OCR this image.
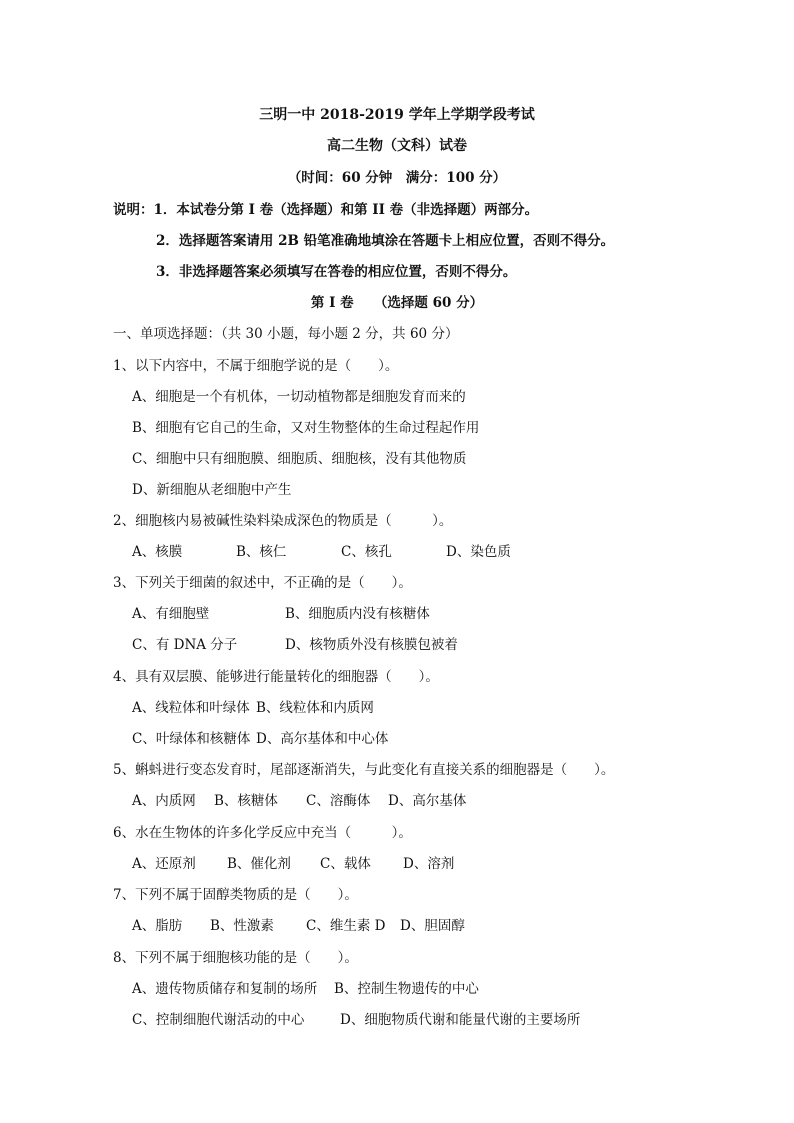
三明一中 2018-2019 学年上学期学段考试
高二生物（文科）试卷
（时间：60 分钟　满分：100 分）
说明：1．本试卷分第 I 卷（选择题）和第 II 卷（非选择题）两部分。
2．选择题答案请用 2B 铅笔准确地填涂在答题卡上相应位置，否则不得分。
3．非选择题答案必须填写在答卷的相应位置，否则不得分。
第 I 卷　　（选择题 60 分）
一、单项选择题：（共 30 小题，每小题 2 分，共 60 分）
1、以下内容中，不属于细胞学说的是（　　）。
A、细胞是一个有机体，一切动植物都是细胞发育而来的
B、细胞有它自己的生命，又对生物整体的生命过程起作用
C、细胞中只有细胞膜、细胞质、细胞核，没有其他物质
D、新细胞从老细胞中产生
2、细胞核内易被碱性染料染成深色的物质是（　　　）。
A、核膜	B、核仁	C、核孔	D、染色质
3、下列关于细菌的叙述中，不正确的是（　　）。
A、有细胞壁	B、细胞质内没有核糖体
C、有 DNA 分子	D、核物质外没有核膜包被着
4、具有双层膜、能够进行能量转化的细胞器（　　）。
A、线粒体和叶绿体 B、线粒体和内质网
C、叶绿体和核糖体 D、高尔基体和中心体
5、蝌蚪进行变态发育时，尾部逐渐消失，与此变化有直接关系的细胞器是（　　）。
A、内质网 B、核糖体 C、溶酶体 D、高尔基体
6、水在生物体的许多化学反应中充当（　　　）。
A、还原剂 B、催化剂 C、载体 D、溶剂
7、下列不属于固醇类物质的是（　　）。
A、脂肪 B、性激素 C、维生素 D D、胆固醇
8、下列不属于细胞核功能的是（　　）。
A、遗传物质储存和复制的场所 B、控制生物遗传的中心
C、控制细胞代谢活动的中心	D、细胞物质代谢和能量代谢的主要场所
